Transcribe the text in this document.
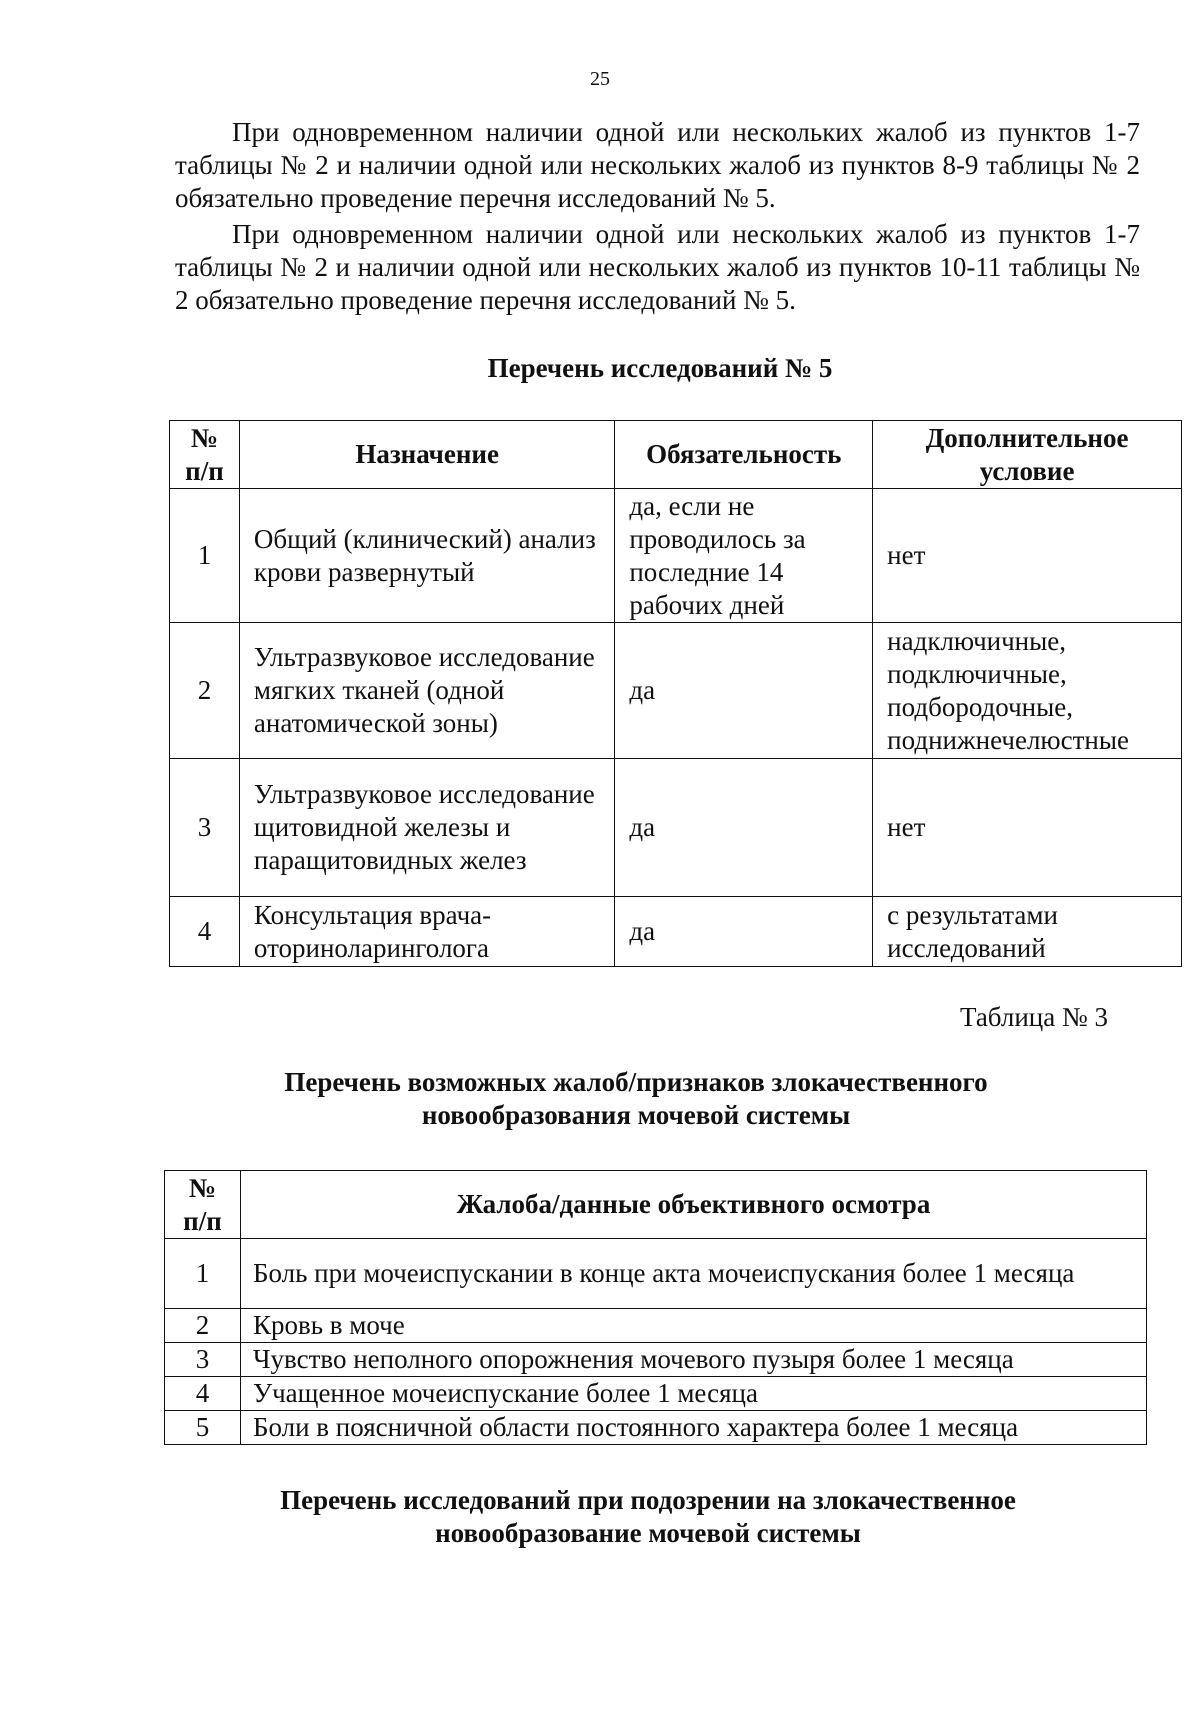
25

При одновременном наличии одной или нескольких жалоб из пунктов 1-7 таблицы № 2 и наличии одной или нескольких жалоб из пунктов 8-9 таблицы № 2 обязательно проведение перечня исследований № 5.

При одновременном наличии одной или нескольких жалоб из пунктов 1-7 таблицы № 2 и наличии одной или нескольких жалоб из пунктов 10-11 таблицы № 2 обязательно проведение перечня исследований № 5.

Перечень исследований № 5
№ п/п	Назначение	Обязательность	Дополнительное условие
1	Общий (клинический) анализ крови развернутый	да, если не проводилось за последние 14 рабочих дней	нет
2	Ультразвуковое исследование мягких тканей (одной анатомической зоны)	да	надключичные, подключичные, подбородочные, поднижнечелюстные
3	Ультразвуковое исследование щитовидной железы и паращитовидных желез	да	нет
4	Консультация врача-оториноларинголога	да	с результатами исследований
Таблица № 3
Перечень возможных жалоб/признаков злокачественного
новообразования мочевой системы
№ п/п	Жалоба/данные объективного осмотра
1	Боль при мочеиспускании в конце акта мочеиспускания более 1 месяца
2	Кровь в моче
3	Чувство неполного опорожнения мочевого пузыря более 1 месяца
4	Учащенное мочеиспускание более 1 месяца
5	Боли в поясничной области постоянного характера более 1 месяца
Перечень исследований при подозрении на злокачественное
новообразование мочевой системы
